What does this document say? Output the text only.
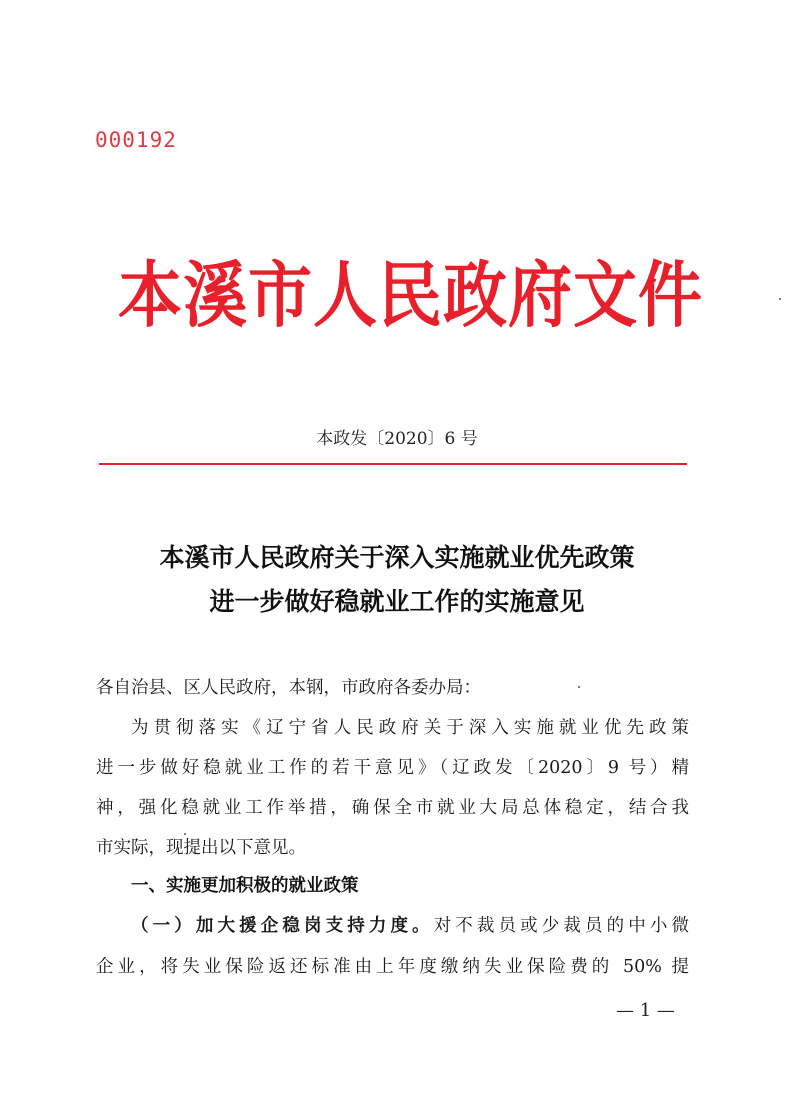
000192
本溪市人民政府文件
本政发〔2020〕6 号
本溪市人民政府关于深入实施就业优先政策
进一步做好稳就业工作的实施意见
各自治县、区人民政府，本钢，市政府各委办局：
为贯彻落实《辽宁省人民政府关于深入实施就业优先政策
进一步做好稳就业工作的若干意见》（辽政发〔2020〕9 号）精
神，强化稳就业工作举措，确保全市就业大局总体稳定，结合我
市实际，现提出以下意见。
一、实施更加积极的就业政策
（一）加大援企稳岗支持力度。对不裁员或少裁员的中小微
企业，将失业保险返还标准由上年度缴纳失业保险费的 50% 提
— 1 —
